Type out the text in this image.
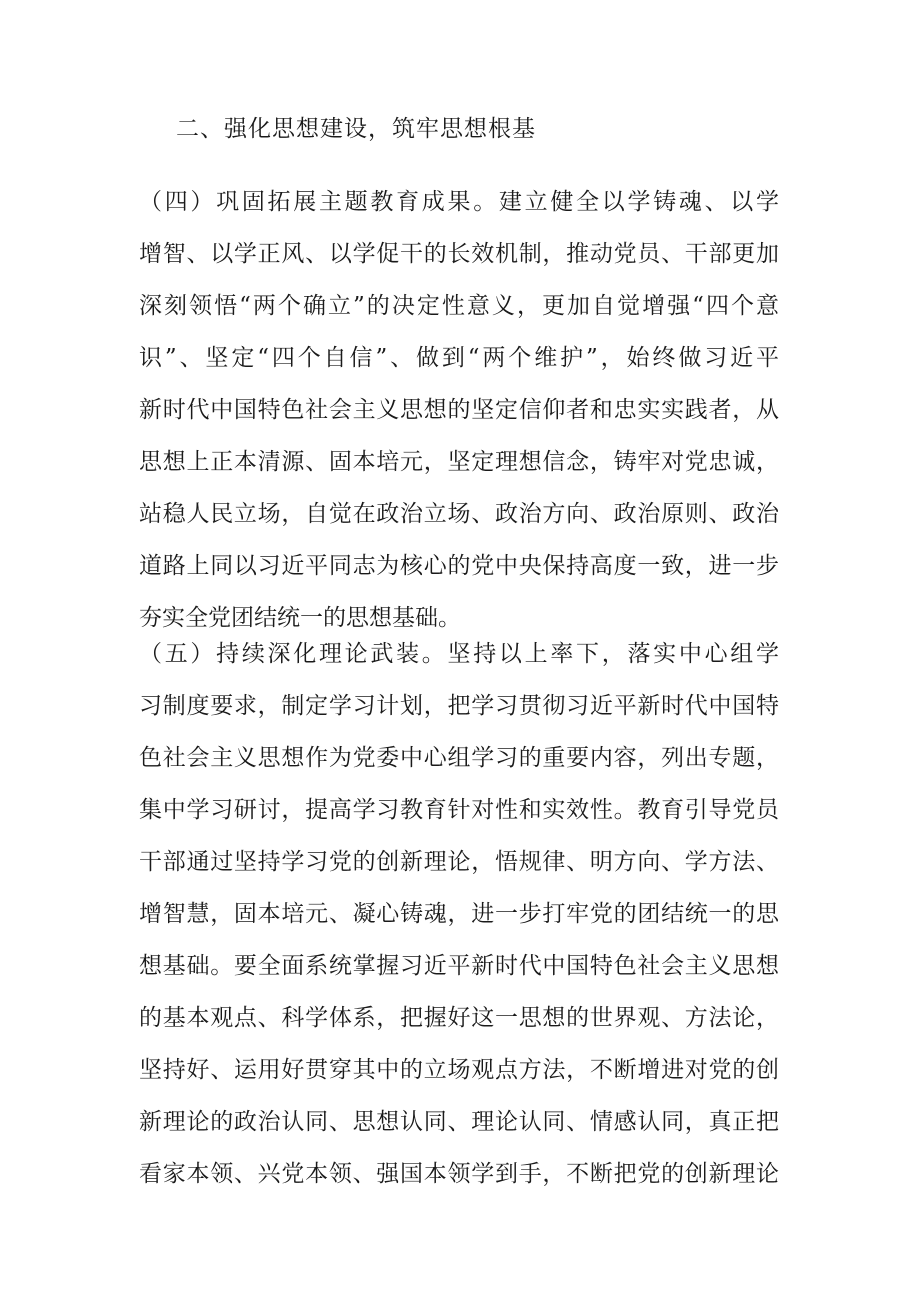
二、强化思想建设，筑牢思想根基
（四）巩固拓展主题教育成果。建立健全以学铸魂、以学
增智、以学正风、以学促干的长效机制，推动党员、干部更加
深刻领悟“两个确立”的决定性意义，更加自觉增强“四个意
识”、坚定“四个自信”、做到“两个维护”，始终做习近平
新时代中国特色社会主义思想的坚定信仰者和忠实实践者，从
思想上正本清源、固本培元，坚定理想信念，铸牢对党忠诚，
站稳人民立场，自觉在政治立场、政治方向、政治原则、政治
道路上同以习近平同志为核心的党中央保持高度一致，进一步
夯实全党团结统一的思想基础。
（五）持续深化理论武装。坚持以上率下，落实中心组学
习制度要求，制定学习计划，把学习贯彻习近平新时代中国特
色社会主义思想作为党委中心组学习的重要内容，列出专题，
集中学习研讨，提高学习教育针对性和实效性。教育引导党员
干部通过坚持学习党的创新理论，悟规律、明方向、学方法、
增智慧，固本培元、凝心铸魂，进一步打牢党的团结统一的思
想基础。要全面系统掌握习近平新时代中国特色社会主义思想
的基本观点、科学体系，把握好这一思想的世界观、方法论，
坚持好、运用好贯穿其中的立场观点方法，不断增进对党的创
新理论的政治认同、思想认同、理论认同、情感认同，真正把
看家本领、兴党本领、强国本领学到手，不断把党的创新理论
